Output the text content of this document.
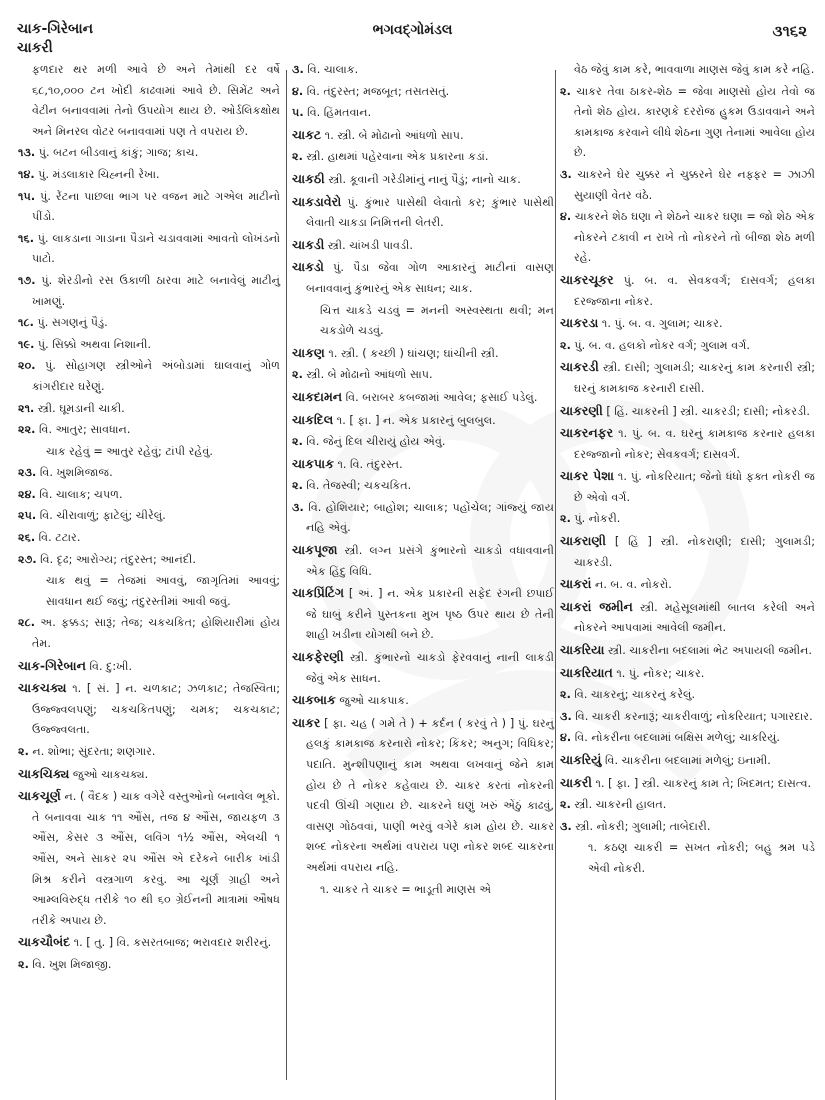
ચાક-ગિરેબાન
ચાકરી
ભગવદ્ગોમંડલ	૩૧૬૨
ફળદાર થર મળી આવે છે અને તેમાંથી દર વર્ષે ૬૮,૧૦,૦૦૦ ટન ખોદી કાઢવામાં આવે છે. સિમેંટ અને વેટીન બનાવવામાં તેનો ઉપયોગ થાય છે. ઓર્ડલિકક્ષોથ અને મિનરલ વોટર બનાવવામાં પણ તે વપરાય છે.
૧૩. પું. બટન બીડવાનું કાંકું; ગાજ; કાચ.
૧૪. પું. મંડલાકાર ચિહ્નની રેખા.
૧૫. પું. રેંટના પાછલા ભાગ પર વજન માટે ગએલ માટીનો પીંડો.
૧૬. પું. લાકડાના ગાડાના પૈડાને ચડાવવામાં આવતો લોખંડનો પાટો.
૧૭. પું. શેરડીનો રસ ઉકાળી ઠારવા માટે બનાવેલું માટીનું ખામણું.
૧૮. પું. સગણનું પૈડું.
૧૯. પું. સિક્કો અથવા નિશાની.
૨૦. પું. સોહાગણ સ્ત્રીઓને અંબોડામાં ઘાલવાનું ગોળ કાંગરીદાર ઘરેણું.
૨૧. સ્ત્રી. ઘૂમડાની ચાકી.
૨૨. વિ. આતુર; સાવધાન.
ચાક રહેવું = આતુર રહેવું; ટાંપી રહેવું.
૨૩. વિ. ખુશમિજાજ.
૨૪. વિ. ચાલાક; ચપળ.
૨૫. વિ. ચીરાવાળું; ફાટેલું; ચીરેલું.
૨૬. વિ. ટટાર.
૨૭. વિ. દૃઢ; આરોગ્ય; તંદુરસ્ત; આનંદી.
ચાક થવું = તેજમાં આવવું, જાગૃતિમાં આવવું; સાવધાન થઈ જવું; તંદુરસ્તીમાં આવી જવું.
૨૮. અ. ફક્કડ; સારૂં; તેજ; ચકચકિત; હોશિયારીમાં હોય તેમ.
ચાક-ગિરેબાન વિ. દુ:ખી.
ચાકચક્ય ૧. [ સં. ] ન. ચળકાટ; ઝળકાટ; તેજસ્વિતા; ઉજ્જ્વલપણું; ચકચકિતપણું; ચમક; ચકચકાટ; ઉજ્જ્વલતા.
૨. ન. શોભા; સુંદરતા; શણગાર.
ચાકચિક્ય જુઓ ચાકચક્ય.
ચાકચૂર્ણ ન. ( વૈદક ) ચાક વગેરે વસ્તુઓનો બનાવેલ ભૂકો. તે બનાવવા ચાક ૧૧ ઔંસ, તજ ૪ ઔંસ, જાયફળ ૩ ઔંસ, કેસર ૩ ઔંસ, લવિંગ ૧½ ઔંસ, એલચી ૧ ઔંસ, અને સાકર ૨૫ ઔંસ એ દરેકને બારીક ખાંડી મિશ્ર કરીને વસ્ત્રગાળ કરવું. આ ચૂર્ણ ગ્રાહી અને આમ્લવિરુદ્ધ તરીકે ૧૦ થી ૬૦ ગ્રેઈનની માત્રામાં ઔષધ તરીકે અપાય છે.
ચાકચૌબંદ ૧. [ તુ. ] વિ. કસરતબાજ; ભરાવદાર શરીરનું.
૨. વિ. ખુશ મિજાજી.
૩. વિ. ચાલાક.
૪. વિ. તંદુરસ્ત; મજબૂત; તસતસતું.
૫. વિ. હિંમતવાન.
ચાકટ ૧. સ્ત્રી. બે મોઢાનો આંધળો સાપ.
૨. સ્ત્રી. હાથમાં પહેરવાના એક પ્રકારના કડાં.
ચાકઠી સ્ત્રી. કૂવાની ગરેડીમાંનું નાનું પૈડું; નાનો ચાક.
ચાકડાવેરો પું. કુંભાર પાસેથી લેવાતો કર; કુંભાર પાસેથી લેવાતી ચાકડા નિમિત્તની લેતરી.
ચાકડી સ્ત્રી. ચાંખડી પાવડી.
ચાકડો પું. પૈડા જેવા ગોળ આકારનું માટીનાં વાસણ બનાવવાનું કુંભારનું એક સાધન; ચાક.
ચિત્ત ચાકડે ચડવું = મનની અસ્વસ્થતા થવી; મન ચકડોળે ચડવું.
ચાકણ ૧. સ્ત્રી. ( કચ્છી ) ઘાંચણ; ઘાંચીની સ્ત્રી.
૨. સ્ત્રી. બે મોઢાનો આંધળો સાપ.
ચાકદામન વિ. બરાબર કબજામાં આવેલ; ફસાઈ પડેલું.
ચાકદિલ ૧. [ ફા. ] ન. એક પ્રકારનું બુલબુલ.
૨. વિ. જેનું દિલ ચીરાયું હોય એવું.
ચાકપાક ૧. વિ. તંદુરસ્ત.
૨. વિ. તેજસ્વી; ચકચકિત.
૩. વિ. હોશિયાર; બાહોશ; ચાલાક; પહોંચેલ; ગાંજ્યું જાય નહિ એવું.
ચાકપૂજા સ્ત્રી. લગ્ન પ્રસંગે કુંભારનો ચાકડો વધાવવાની એક હિંદુ વિધિ.
ચાકપ્રિંટિંગ [ અં. ] ન. એક પ્રકારની સફેદ રંગની છપાઈ જે ઘાબું કરીને પુસ્તકના મુખ પૃષ્ઠ ઉપર થાય છે તેની શાહી ખડીના યોગથી બને છે.
ચાકફેરણી સ્ત્રી. કુંભારનો ચાકડો ફેરવવાનું નાની લાકડી જેવું એક સાધન.
ચાકબાક જુઓ ચાકપાક.
ચાકર [ ફા. ચહ ( ગમે તે ) + કર્દન ( કરવું તે ) ] પું. ઘરનું હલકું કામકાજ કરનારો નોકર; કિંકર; અનુગ; વિધિકર; પદાતિ. મુન્શીપણાનું કામ અથવા લખવાનું જેને કામ હોય છે તે નોકર કહેવાય છે. ચાકર કરતાં નોકરની પદવી ઊંચી ગણાય છે. ચાકરને ઘણું ખરું એંઠું કાઢવું, વાસણ ગોઠવવાં, પાણી ભરવું વગેરે કામ હોય છે. ચાકર શબ્દ નોકરના અર્થમાં વપરાય પણ નોકર શબ્દ ચાકરના અર્થમાં વપરાય નહિ.
૧. ચાકર તે ચાકર = ભાડૂતી માણસ એ
વેઠ જેવું કામ કરે, ભાવવાળા માણસ જેવું કામ કરે નહિ.
૨. ચાકર તેવા ઠાકર-શેઠ = જેવા માણસો હોય તેવો જ તેનો શેઠ હોય. કારણકે દરરોજ હુકમ ઉડાવવાને અને કામકાજ કરવાને લીધે શેઠના ગુણ તેનામાં આવેલા હોય છે.
૩. ચાકરને ઘેર ચુક્કર ને ચુક્કરને ઘેર નફ્ફર = ઝાઝી સુયાણી વેતર વંઠે.
૪. ચાકરને શેઠ ઘણા ને શેઠને ચાકર ઘણા = જો શેઠ એક નોકરને ટકાવી ન રાખે તો નોકરને તો બીજા શેઠ મળી રહે.
ચાકરચૂકર પું. બ. વ. સેવકવર્ગ; દાસવર્ગ; હલકા દરજ્જાના નોકર.
ચાકરડા ૧. પું. બ. વ. ગુલામ; ચાકર.
૨. પું. બ. વ. હલકો નોકર વર્ગ; ગુલામ વર્ગ.
ચાકરડી સ્ત્રી. દાસી; ગુલામડી; ચાકરનું કામ કરનારી સ્ત્રી; ઘરનું કામકાજ કરનારી દાસી.
ચાકરણી [ હિં. ચાકરની ] સ્ત્રી. ચાકરડી; દાસી; નોકરડી.
ચાકરનફર ૧. પું. બ. વ. ઘરનું કામકાજ કરનાર હલકા દરજ્જાનો નોકર; સેવકવર્ગ; દાસવર્ગ.
ચાકર પેશા ૧. પું. નોકરિયાત; જેનો ધંધો ફક્ત નોકરી જ છે એવો વર્ગ.
૨. પું. નોકરી.
ચાકરાણી [ હિં ] સ્ત્રી. નોકરાણી; દાસી; ગુલામડી; ચાકરડી.
ચાકરાં ન. બ. વ. નોકરો.
ચાકરાં જમીન સ્ત્રી. મહેસૂલમાંથી બાતલ કરેલી અને નોકરને આપવામાં આવેલી જમીન.
ચાકરિયા સ્ત્રી. ચાકરીના બદલામાં ભેટ અપાયલી જમીન.
ચાકરિયાત ૧. પું. નોકર; ચાકર.
૨. વિ. ચાકરનું; ચાકરનું કરેલું.
૩. વિ. ચાકરી કરનારૂં; ચાકરીવાળું; નોકરિયાત; પગારદાર.
૪. વિ. નોકરીના બદલામાં બક્ષિસ મળેલું; ચાકરિયું.
ચાકરિયું વિ. ચાકરીના બદલામાં મળેલું; ઇનામી.
ચાકરી ૧. [ ફા. ] સ્ત્રી. ચાકરનું કામ તે; ખિદમત; દાસત્વ.
૨. સ્ત્રી. ચાકરની હાલત.
૩. સ્ત્રી. નોકરી; ગુલામી; તાબેદારી.
૧. કઠણ ચાકરી = સખત નોકરી; બહુ શ્રમ પડે એવી નોકરી.
